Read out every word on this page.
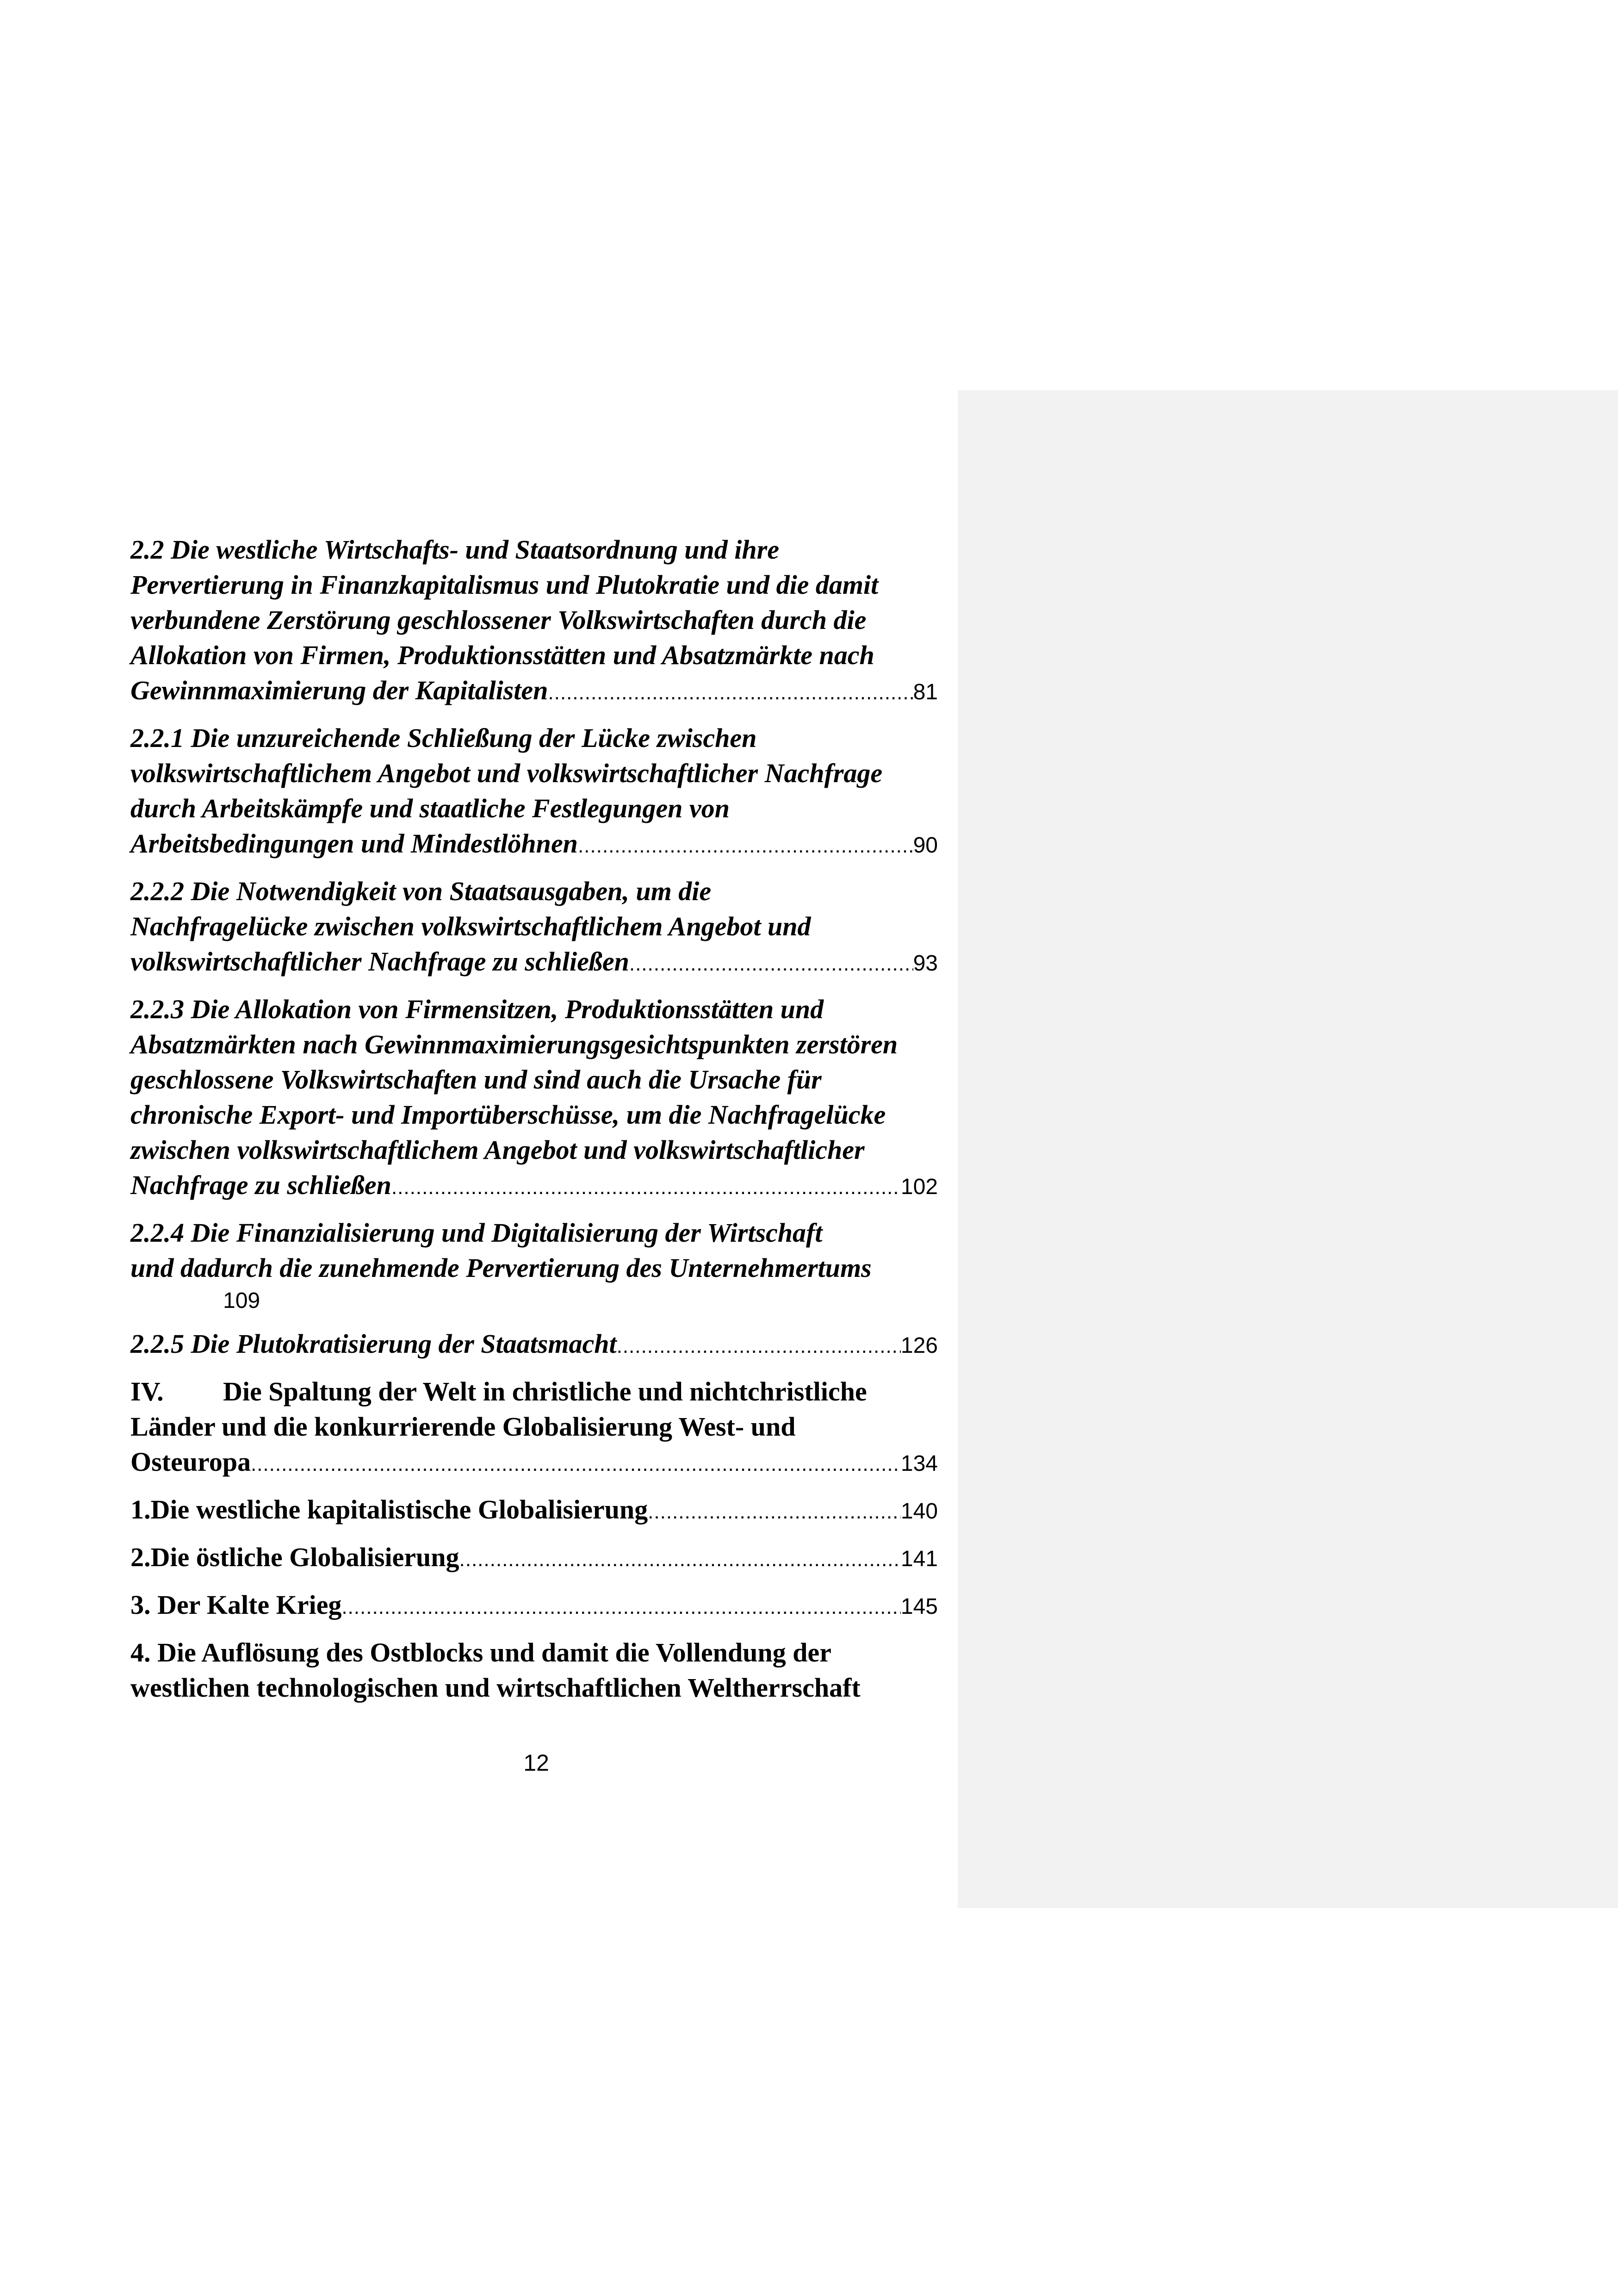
2.2 Die westliche Wirtschafts- und Staatsordnung und ihre
Pervertierung in Finanzkapitalismus und Plutokratie und die damit
verbundene Zerstörung geschlossener Volkswirtschaften durch die
Allokation von Firmen, Produktionsstätten und Absatzmärkte nach
Gewinnmaximierung der Kapitalisten .....	81
2.2.1 Die unzureichende Schließung der Lücke zwischen
volkswirtschaftlichem Angebot und volkswirtschaftlicher Nachfrage
durch Arbeitskämpfe und staatliche Festlegungen von
Arbeitsbedingungen und Mindestlöhnen .....	90
2.2.2 Die Notwendigkeit von Staatsausgaben, um die
Nachfragelücke zwischen volkswirtschaftlichem Angebot und
volkswirtschaftlicher Nachfrage zu schließen .....	93
2.2.3 Die Allokation von Firmensitzen, Produktionsstätten und
Absatzmärkten nach Gewinnmaximierungsgesichtspunkten zerstören
geschlossene Volkswirtschaften und sind auch die Ursache für
chronische Export- und Importüberschüsse, um die Nachfragelücke
zwischen volkswirtschaftlichem Angebot und volkswirtschaftlicher
Nachfrage zu schließen .....	102
2.2.4 Die Finanzialisierung und Digitalisierung der Wirtschaft
und dadurch die zunehmende Pervertierung des Unternehmertums
109
2.2.5 Die Plutokratisierung der Staatsmacht .....	126
IV. Die Spaltung der Welt in christliche und nichtchristliche
Länder und die konkurrierende Globalisierung West- und
Osteuropa .....	134
1. Die westliche kapitalistische Globalisierung .....	140
2. Die östliche Globalisierung .....	141
3. Der Kalte Krieg .....	145
4. Die Auflösung des Ostblocks und damit die Vollendung der
westlichen technologischen und wirtschaftlichen Weltherrschaft
12
